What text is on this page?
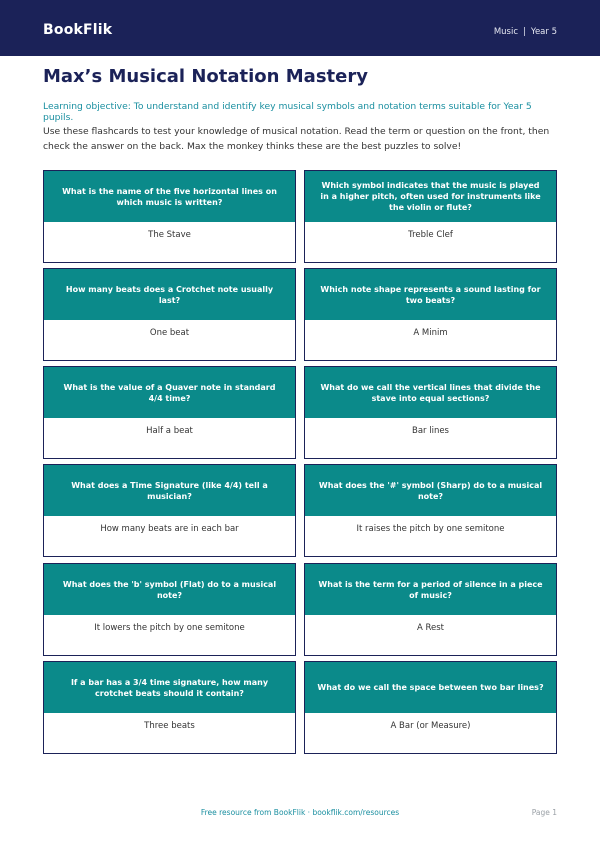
BookFlik	Music | Year 5
Max’s Musical Notation Mastery
Learning objective: To understand and identify key musical symbols and notation terms suitable for Year 5 pupils.
Use these flashcards to test your knowledge of musical notation. Read the term or question on the front, then check the answer on the back. Max the monkey thinks these are the best puzzles to solve!
What is the name of the five horizontal lines on which music is written?
The Stave
Which symbol indicates that the music is played in a higher pitch, often used for instruments like the violin or flute?
Treble Clef
How many beats does a Crotchet note usually last?
One beat
Which note shape represents a sound lasting for two beats?
A Minim
What is the value of a Quaver note in standard 4/4 time?
Half a beat
What do we call the vertical lines that divide the stave into equal sections?
Bar lines
What does a Time Signature (like 4/4) tell a musician?
How many beats are in each bar
What does the '#' symbol (Sharp) do to a musical note?
It raises the pitch by one semitone
What does the 'b' symbol (Flat) do to a musical note?
It lowers the pitch by one semitone
What is the term for a period of silence in a piece of music?
A Rest
If a bar has a 3/4 time signature, how many crotchet beats should it contain?
Three beats
What do we call the space between two bar lines?
A Bar (or Measure)
Free resource from BookFlik · bookflik.com/resources	Page 1
